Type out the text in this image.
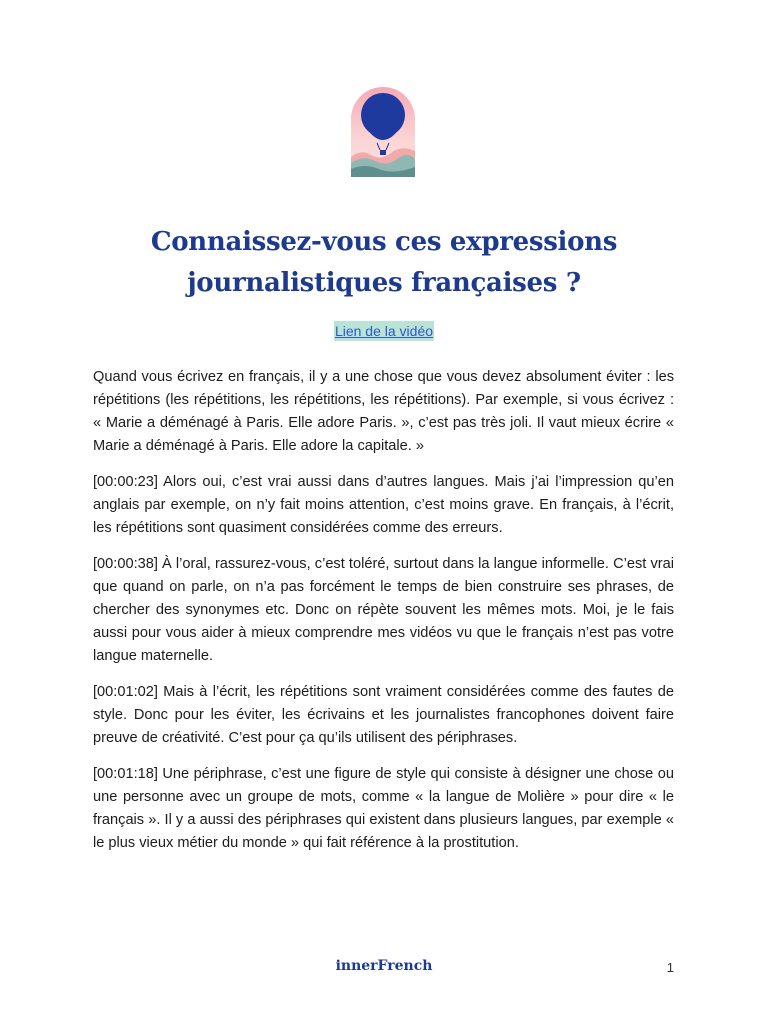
Connaissez-vous ces expressions journalistiques françaises ?
Lien de la vidéo

Quand vous écrivez en français, il y a une chose que vous devez absolument éviter : les répétitions (les répétitions, les répétitions, les répétitions). Par exemple, si vous écrivez : « Marie a déménagé à Paris. Elle adore Paris. », c’est pas très joli. Il vaut mieux écrire « Marie a déménagé à Paris. Elle adore la capitale. »

[00:00:23] Alors oui, c’est vrai aussi dans d’autres langues. Mais j’ai l’impression qu’en anglais par exemple, on n’y fait moins attention, c’est moins grave. En français, à l’écrit, les répétitions sont quasiment considérées comme des erreurs.

[00:00:38] À l’oral, rassurez-vous, c’est toléré, surtout dans la langue informelle. C’est vrai que quand on parle, on n’a pas forcément le temps de bien construire ses phrases, de chercher des synonymes etc. Donc on répète souvent les mêmes mots. Moi, je le fais aussi pour vous aider à mieux comprendre mes vidéos vu que le français n’est pas votre langue maternelle.

[00:01:02] Mais à l’écrit, les répétitions sont vraiment considérées comme des fautes de style. Donc pour les éviter, les écrivains et les journalistes francophones doivent faire preuve de créativité. C’est pour ça qu’ils utilisent des périphrases.

[00:01:18] Une périphrase, c’est une figure de style qui consiste à désigner une chose ou une personne avec un groupe de mots, comme « la langue de Molière » pour dire « le français ». Il y a aussi des périphrases qui existent dans plusieurs langues, par exemple « le plus vieux métier du monde » qui fait référence à la prostitution.

innerFrench	1
